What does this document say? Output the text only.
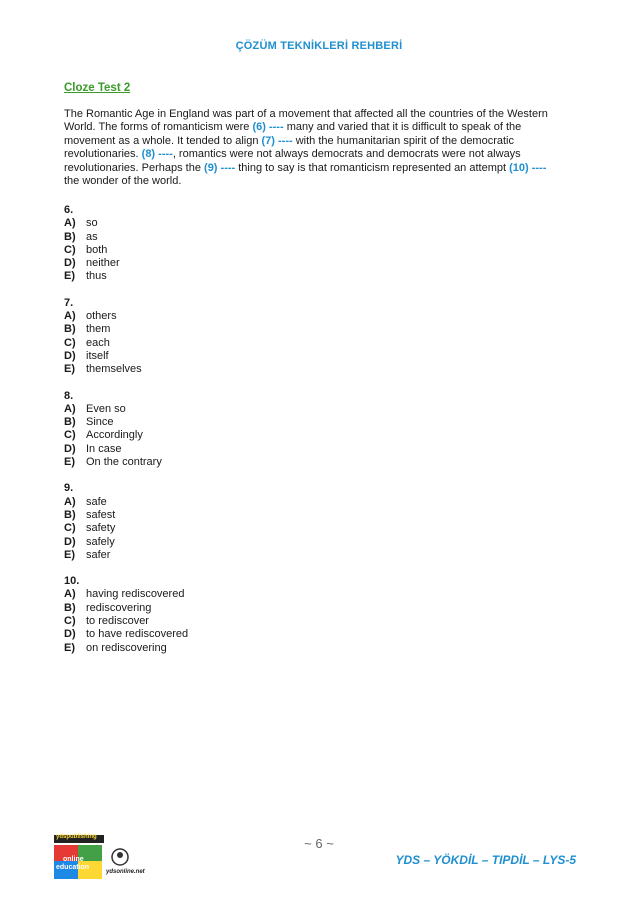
ÇÖZÜM TEKNİKLERİ REHBERİ
Cloze Test 2
The Romantic Age in England was part of a movement that affected all the countries of the Western World. The forms of romanticism were (6) ---- many and varied that it is difficult to speak of the movement as a whole. It tended to align (7) ---- with the humanitarian spirit of the democratic revolutionaries. (8) ----, romantics were not always democrats and democrats were not always revolutionaries. Perhaps the (9) ---- thing to say is that romanticism represented an attempt (10) ---- the wonder of the world.
6.
A) so
B) as
C) both
D) neither
E) thus
7.
A) others
B) them
C) each
D) itself
E) themselves
8.
A) Even so
B) Since
C) Accordingly
D) In case
E) On the contrary
9.
A) safe
B) safest
C) safety
D) safely
E) safer
10.
A) having rediscovered
B) rediscovering
C) to rediscover
D) to have rediscovered
E) on rediscovering
ydspublishing
online
education
ydsonline.net
~ 6 ~
YDS – YÖKDİL – TIPDİL – LYS-5
